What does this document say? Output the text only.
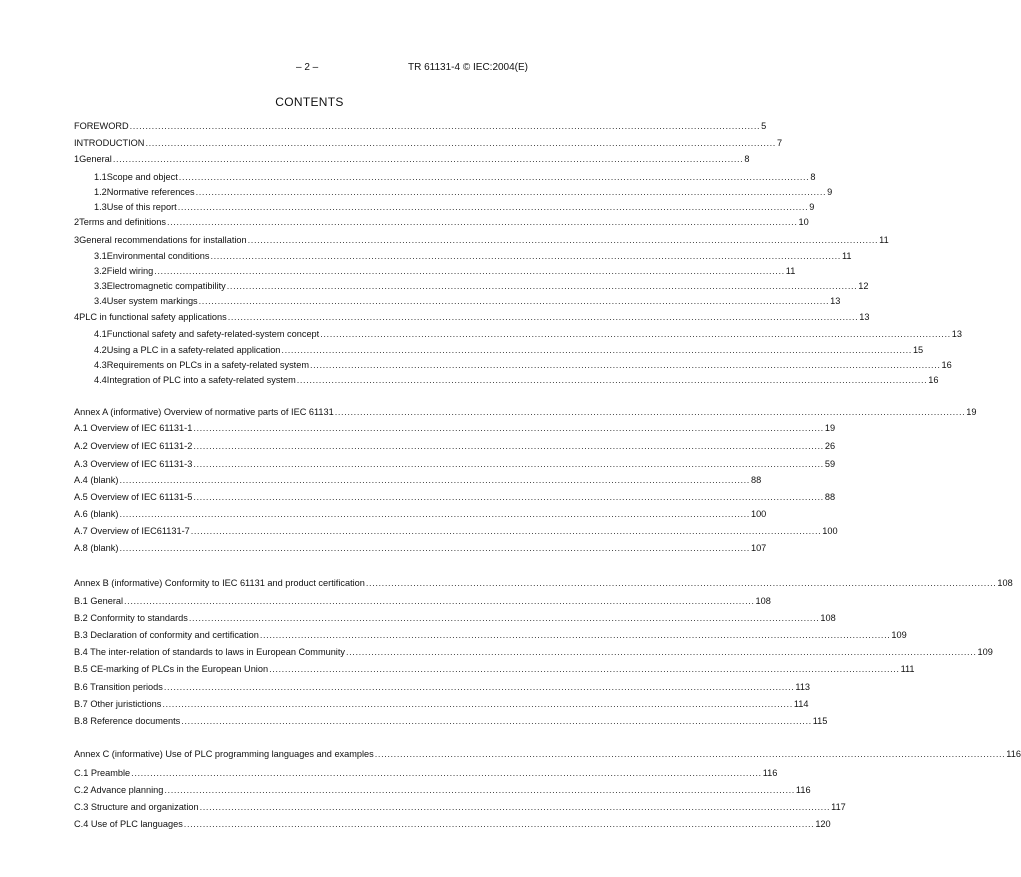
– 2 –	TR 61131-4 © IEC:2004(E)
CONTENTS
FOREWORD ........................................................................................................................................................................................................ 5
INTRODUCTION ........................................................................................................................................................................................................ 7
1 General ........................................................................................................................................................................................................ 8
1.1 Scope and object ........................................................................................................................................................................................................ 8
1.2 Normative references ........................................................................................................................................................................................................ 9
1.3 Use of this report ........................................................................................................................................................................................................ 9
2 Terms and definitions ........................................................................................................................................................................................................ 10
3 General recommendations for installation ........................................................................................................................................................................................................ 11
3.1 Environmental conditions ........................................................................................................................................................................................................ 11
3.2 Field wiring ........................................................................................................................................................................................................ 11
3.3 Electromagnetic compatibility ........................................................................................................................................................................................................ 12
3.4 User system markings ........................................................................................................................................................................................................ 13
4 PLC in functional safety applications ........................................................................................................................................................................................................ 13
4.1 Functional safety and safety-related-system concept ........................................................................................................................................................................................................ 13
4.2 Using a PLC in a safety-related application ........................................................................................................................................................................................................ 15
4.3 Requirements on PLCs in a safety-related system ........................................................................................................................................................................................................ 16
4.4 Integration of PLC into a safety-related system ........................................................................................................................................................................................................ 16
Annex A (informative) Overview of normative parts of IEC 61131 ........................................................................................................................................................................................................ 19
A.1 Overview of IEC 61131-1 ........................................................................................................................................................................................................ 19
A.2 Overview of IEC 61131-2 ........................................................................................................................................................................................................ 26
A.3 Overview of IEC 61131-3 ........................................................................................................................................................................................................ 59
A.4 (blank) ........................................................................................................................................................................................................ 88
A.5 Overview of IEC 61131-5 ........................................................................................................................................................................................................ 88
A.6 (blank) ........................................................................................................................................................................................................ 100
A.7 Overview of IEC61131-7 ........................................................................................................................................................................................................ 100
A.8 (blank) ........................................................................................................................................................................................................ 107
Annex B (informative) Conformity to IEC 61131 and product certification ........................................................................................................................................................................................................ 108
B.1 General ........................................................................................................................................................................................................ 108
B.2 Conformity to standards ........................................................................................................................................................................................................ 108
B.3 Declaration of conformity and certification ........................................................................................................................................................................................................ 109
B.4 The inter-relation of standards to laws in European Community ........................................................................................................................................................................................................ 109
B.5 CE-marking of PLCs in the European Union ........................................................................................................................................................................................................ 111
B.6 Transition periods ........................................................................................................................................................................................................ 113
B.7 Other juristictions ........................................................................................................................................................................................................ 114
B.8 Reference documents ........................................................................................................................................................................................................ 115
Annex C (informative) Use of PLC programming languages and examples ........................................................................................................................................................................................................ 116
C.1 Preamble ........................................................................................................................................................................................................ 116
C.2 Advance planning ........................................................................................................................................................................................................ 116
C.3 Structure and organization ........................................................................................................................................................................................................ 117
C.4 Use of PLC languages ........................................................................................................................................................................................................ 120
